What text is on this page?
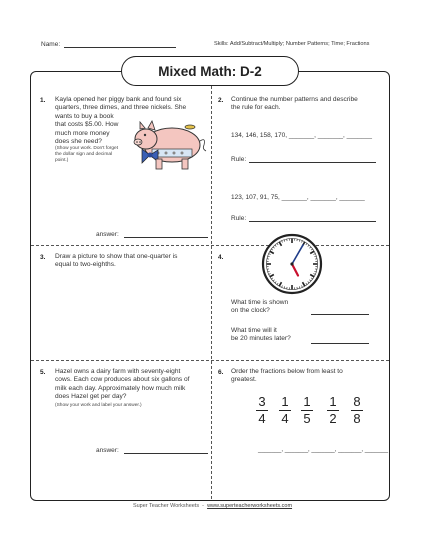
Name:	Skills: Add/Subtract/Multiply; Number Patterns; Time; Fractions
Mixed Math: D-2
1. Kayla opened her piggy bank and found six
quarters, three dimes, and three nickels. She
wants to buy a book
that costs $5.00. How
much more money
does she need?
(Show your work. Don't forget
the dollar sign and decimal
point.)
answer:
2. Continue the number patterns and describe
the rule for each.
134, 146, 158, 170, _______, _______, _______
Rule:
123, 107, 91, 75, _______, _______, _______
Rule:
3. Draw a picture to show that one-quarter is
equal to two-eighths.
4.
What time is shown
on the clock?
What time will it
be 20 minutes later?
5. Hazel owns a dairy farm with seventy-eight
cows. Each cow produces about six gallons of
milk each day. Approximately how much milk
does Hazel get per day?
(Show your work and label your answer.)
answer:
6. Order the fractions below from least to
greatest.
3
4
1
4
1
5
1
2
8
8
_______, _______, _______, _______, _______
Super Teacher Worksheets - www.superteacherworksheets.com
